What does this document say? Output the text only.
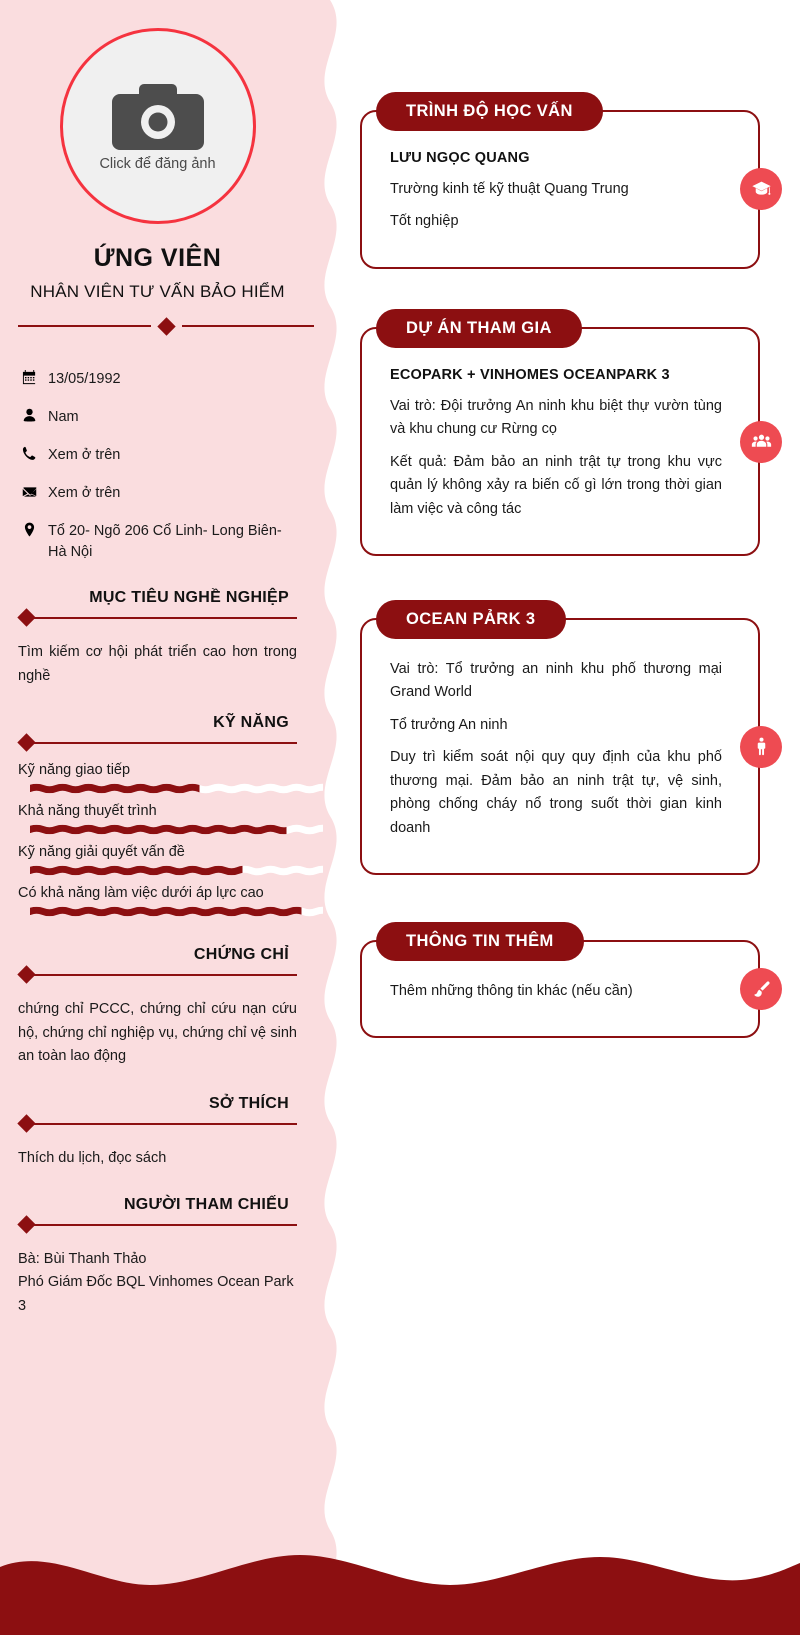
Click để đăng ảnh
ỨNG VIÊN
NHÂN VIÊN TƯ VẤN BẢO HIỂM
13/05/1992
Nam
Xem ở trên
Xem ở trên
Tổ 20- Ngõ 206 Cổ Linh- Long Biên- Hà Nội
MỤC TIÊU NGHỀ NGHIỆP
Tìm kiếm cơ hội phát triển cao hơn trong nghề
KỸ NĂNG
Kỹ năng giao tiếp
Khả năng thuyết trình
Kỹ năng giải quyết vấn đề
Có khả năng làm việc dưới áp lực cao
CHỨNG CHỈ
chứng chỉ PCCC, chứng chỉ cứu nạn cứu hộ, chứng chỉ nghiệp vụ, chứng chỉ vệ sinh an toàn lao động
SỞ THÍCH
Thích du lịch, đọc sách
NGƯỜI THAM CHIẾU
Bà: Bùi Thanh Thảo
Phó Giám Đốc BQL Vinhomes Ocean Park 3
TRÌNH ĐỘ HỌC VẤN
LƯU NGỌC QUANG
Trường kinh tế kỹ thuật Quang Trung
Tốt nghiệp
DỰ ÁN THAM GIA
ECOPARK + VINHOMES OCEANPARK 3
Vai trò: Đội trưởng An ninh khu biệt thự vườn tùng và khu chung cư Rừng cọ
Kết quả: Đảm bảo an ninh trật tự trong khu vực quản lý không xảy ra biến cố gì lớn trong thời gian làm việc và công tác
OCEAN PẢRK 3
Vai trò: Tổ trưởng an ninh khu phố thương mại Grand World
Tổ trưởng An ninh
Duy trì kiểm soát nội quy quy định của khu phố thương mại. Đảm bảo an ninh trật tự, vệ sinh, phòng chống cháy nổ trong suốt thời gian kinh doanh
THÔNG TIN THÊM
Thêm những thông tin khác (nếu cần)
